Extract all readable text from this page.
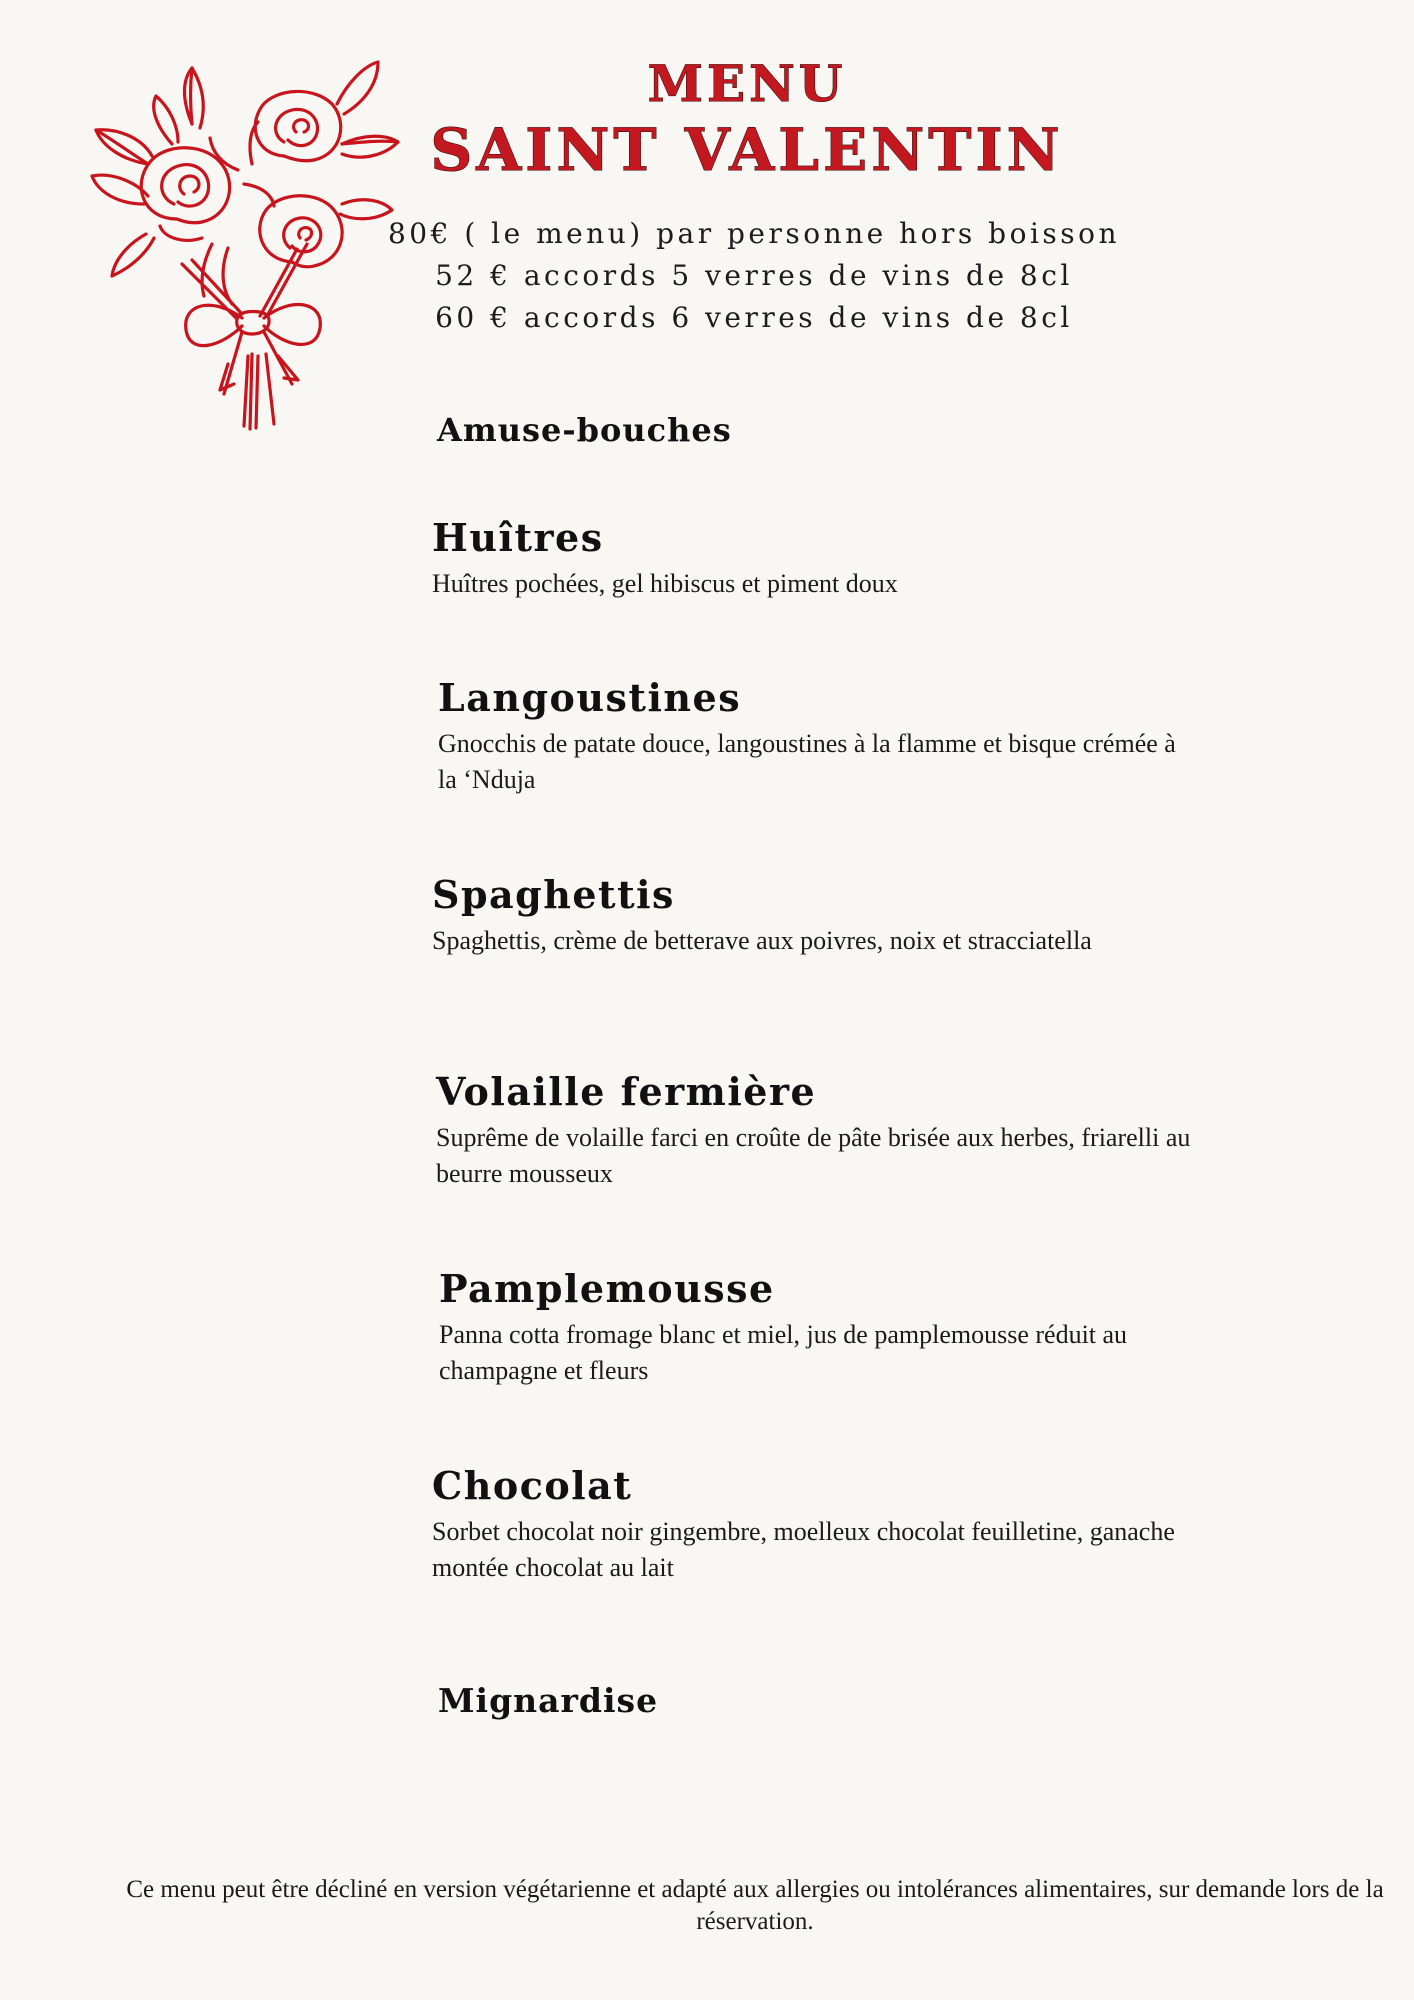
MENU
SAINT VALENTIN
80€ ( le menu) par personne hors boisson
52 € accords 5 verres de vins de 8cl
60 € accords 6 verres de vins de 8cl
Amuse-bouches
Huîtres

Huîtres pochées, gel hibiscus et piment doux

Langoustines

Gnocchis de patate douce, langoustines à la flamme et bisque crémée à la ‘Nduja

Spaghettis

Spaghettis, crème de betterave aux poivres, noix et stracciatella

Volaille fermière

Suprême de volaille farci en croûte de pâte brisée aux herbes, friarelli au beurre mousseux

Pamplemousse

Panna cotta fromage blanc et miel, jus de pamplemousse réduit au champagne et fleurs

Chocolat

Sorbet chocolat noir gingembre, moelleux chocolat feuilletine, ganache montée chocolat au lait

Mignardise
Ce menu peut être décliné en version végétarienne et adapté aux allergies ou intolérances alimentaires, sur demande lors de la réservation.
